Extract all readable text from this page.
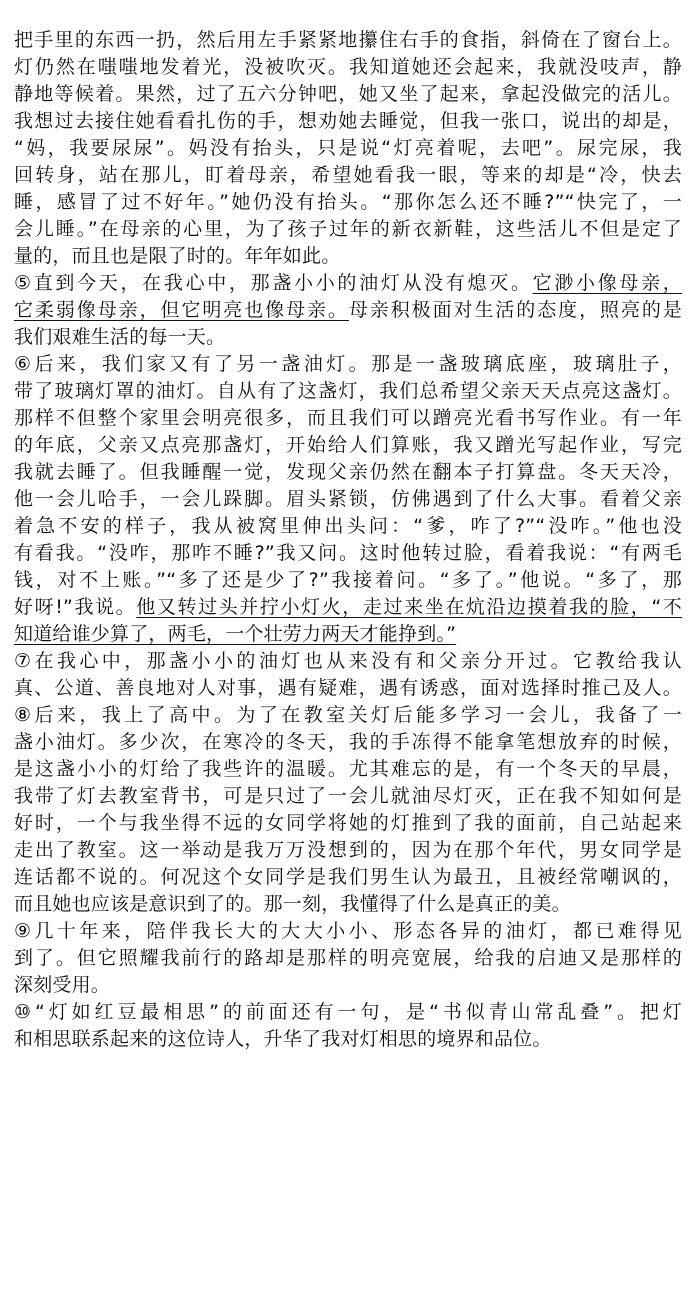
把手里的东西一扔，然后用左手紧紧地攥住右手的食指，斜倚在了窗台上。
灯仍然在嗤嗤地发着光，没被吹灭。我知道她还会起来，我就没吱声，静
静地等候着。果然，过了五六分钟吧，她又坐了起来，拿起没做完的活儿。
我想过去接住她看看扎伤的手，想劝她去睡觉，但我一张口，说出的却是，
“妈，我要尿尿”。妈没有抬头，只是说“灯亮着呢，去吧”。尿完尿，我
回转身，站在那儿，盯着母亲，希望她看我一眼，等来的却是“冷，快去
睡，感冒了过不好年。”她仍没有抬头。“那你怎么还不睡?”“快完了，一
会儿睡。”在母亲的心里，为了孩子过年的新衣新鞋，这些活儿不但是定了
量的，而且也是限了时的。年年如此。
⑤直到今天，在我心中，那盏小小的油灯从没有熄灭。它渺小像母亲，
它柔弱像母亲，但它明亮也像母亲。母亲积极面对生活的态度，照亮的是
我们艰难生活的每一天。
⑥后来，我们家又有了另一盏油灯。那是一盏玻璃底座，玻璃肚子，
带了玻璃灯罩的油灯。自从有了这盏灯，我们总希望父亲天天点亮这盏灯。
那样不但整个家里会明亮很多，而且我们可以蹭亮光看书写作业。有一年
的年底，父亲又点亮那盏灯，开始给人们算账，我又蹭光写起作业，写完
我就去睡了。但我睡醒一觉，发现父亲仍然在翻本子打算盘。冬天天冷，
他一会儿哈手，一会儿跺脚。眉头紧锁，仿佛遇到了什么大事。看着父亲
着急不安的样子，我从被窝里伸出头问：“爹，咋了?”“没咋。”他也没
有看我。“没咋，那咋不睡?”我又问。这时他转过脸，看着我说：“有两毛
钱，对不上账。”“多了还是少了?”我接着问。“多了。”他说。“多了，那
好呀!”我说。他又转过头并拧小灯火，走过来坐在炕沿边摸着我的脸，“不
知道给谁少算了，两毛，一个壮劳力两天才能挣到。”
⑦在我心中，那盏小小的油灯也从来没有和父亲分开过。它教给我认
真、公道、善良地对人对事，遇有疑难，遇有诱惑，面对选择时推己及人。
⑧后来，我上了高中。为了在教室关灯后能多学习一会儿，我备了一
盏小油灯。多少次，在寒冷的冬天，我的手冻得不能拿笔想放弃的时候，
是这盏小小的灯给了我些许的温暖。尤其难忘的是，有一个冬天的早晨，
我带了灯去教室背书，可是只过了一会儿就油尽灯灭，正在我不知如何是
好时，一个与我坐得不远的女同学将她的灯推到了我的面前，自己站起来
走出了教室。这一举动是我万万没想到的，因为在那个年代，男女同学是
连话都不说的。何况这个女同学是我们男生认为最丑，且被经常嘲讽的，
而且她也应该是意识到了的。那一刻，我懂得了什么是真正的美。
⑨几十年来，陪伴我长大的大大小小、形态各异的油灯，都已难得见
到了。但它照耀我前行的路却是那样的明亮宽展，给我的启迪又是那样的
深刻受用。
⑩“灯如红豆最相思”的前面还有一句，是“书似青山常乱叠”。把灯
和相思联系起来的这位诗人，升华了我对灯相思的境界和品位。
